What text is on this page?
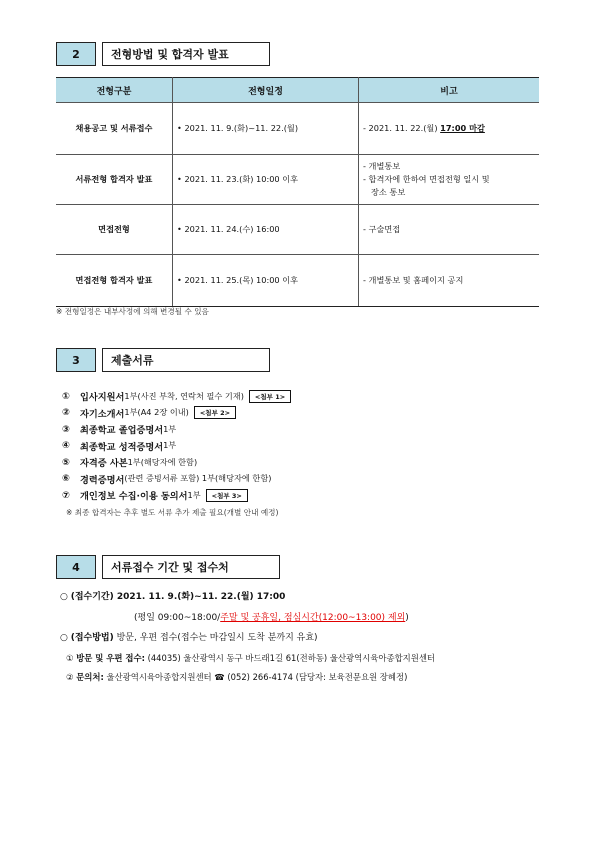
2	전형방법 및 합격자 발표
전형구분	전형일정	비고
채용공고 및 서류접수	• 2021. 11. 9.(화)~11. 22.(월)	- 2021. 11. 22.(월) 17:00 마감
서류전형 합격자 발표	• 2021. 11. 23.(화) 10:00 이후	- 개별통보
- 합격자에 한하여 면접전형 일시 및
장소 통보

면접전형	• 2021. 11. 24.(수) 16:00	- 구술면접
면접전형 합격자 발표	• 2021. 11. 25.(목) 10:00 이후	- 개별통보 및 홈페이지 공지
※ 전형일정은 내부사정에 의해 변경될 수 있음
3	제출서류
①	입사지원서 1부(사진 부착, 연락처 필수 기재)	<첨부 1>
②	자기소개서 1부(A4 2장 이내)	<첨부 2>
③	최종학교 졸업증명서 1부
④	최종학교 성적증명서 1부
⑤	자격증 사본 1부(해당자에 한함)
⑥	경력증명서 (관련 증빙서류 포함) 1부(해당자에 한함)
⑦	개인정보 수집·이용 동의서 1부	<첨부 3>
※ 최종 합격자는 추후 별도 서류 추가 제출 필요(개별 안내 예정)
4	서류접수 기간 및 접수처
○ (접수기간) 2021. 11. 9.(화)~11. 22.(월) 17:00
(평일 09:00~18:00/주말 및 공휴일, 점심시간(12:00~13:00) 제외)
○ (접수방법) 방문, 우편 접수(접수는 마감일시 도착 분까지 유효)
① 방문 및 우편 접수: (44035) 울산광역시 동구 바드래1길 61(전하동) 울산광역시육아종합지원센터
② 문의처: 울산광역시육아종합지원센터 ☎ (052) 266-4174 (담당자: 보육전문요원 장혜정)
